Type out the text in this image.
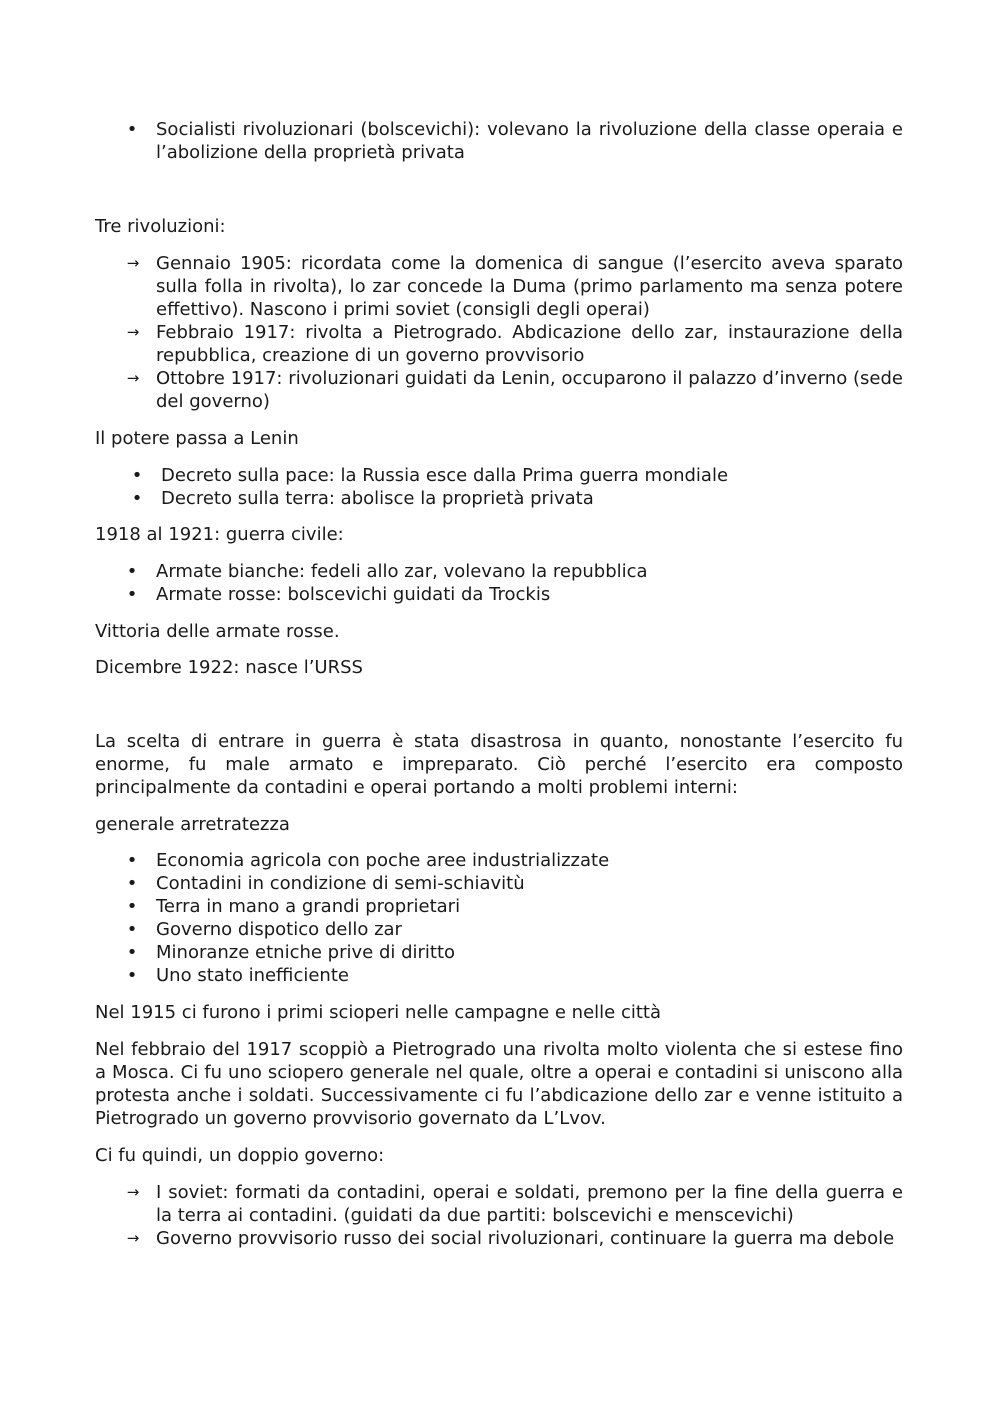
• Socialisti rivoluzionari (bolscevichi): volevano la rivoluzione della classe operaia e l’abolizione della proprietà privata

Tre rivoluzioni:

→ Gennaio 1905: ricordata come la domenica di sangue (l’esercito aveva sparato sulla folla in rivolta), lo zar concede la Duma (primo parlamento ma senza potere effettivo). Nascono i primi soviet (consigli degli operai)
→ Febbraio 1917: rivolta a Pietrogrado. Abdicazione dello zar, instaurazione della repubblica, creazione di un governo provvisorio
→ Ottobre 1917: rivoluzionari guidati da Lenin, occuparono il palazzo d’inverno (sede del governo)

Il potere passa a Lenin

• Decreto sulla pace: la Russia esce dalla Prima guerra mondiale
• Decreto sulla terra: abolisce la proprietà privata

1918 al 1921: guerra civile:

• Armate bianche: fedeli allo zar, volevano la repubblica
• Armate rosse: bolscevichi guidati da Trockis

Vittoria delle armate rosse.

Dicembre 1922: nasce l’URSS

La scelta di entrare in guerra è stata disastrosa in quanto, nonostante l’esercito fu enorme, fu male armato e impreparato. Ciò perché l’esercito era composto principalmente da contadini e operai portando a molti problemi interni:

generale arretratezza

• Economia agricola con poche aree industrializzate
• Contadini in condizione di semi-schiavitù
• Terra in mano a grandi proprietari
• Governo dispotico dello zar
• Minoranze etniche prive di diritto
• Uno stato inefficiente

Nel 1915 ci furono i primi scioperi nelle campagne e nelle città

Nel febbraio del 1917 scoppiò a Pietrogrado una rivolta molto violenta che si estese fino a Mosca. Ci fu uno sciopero generale nel quale, oltre a operai e contadini si uniscono alla protesta anche i soldati. Successivamente ci fu l’abdicazione dello zar e venne istituito a Pietrogrado un governo provvisorio governato da L’Lvov.

Ci fu quindi, un doppio governo:

→ I soviet: formati da contadini, operai e soldati, premono per la fine della guerra e la terra ai contadini. (guidati da due partiti: bolscevichi e menscevichi)
→ Governo provvisorio russo dei social rivoluzionari, continuare la guerra ma debole
